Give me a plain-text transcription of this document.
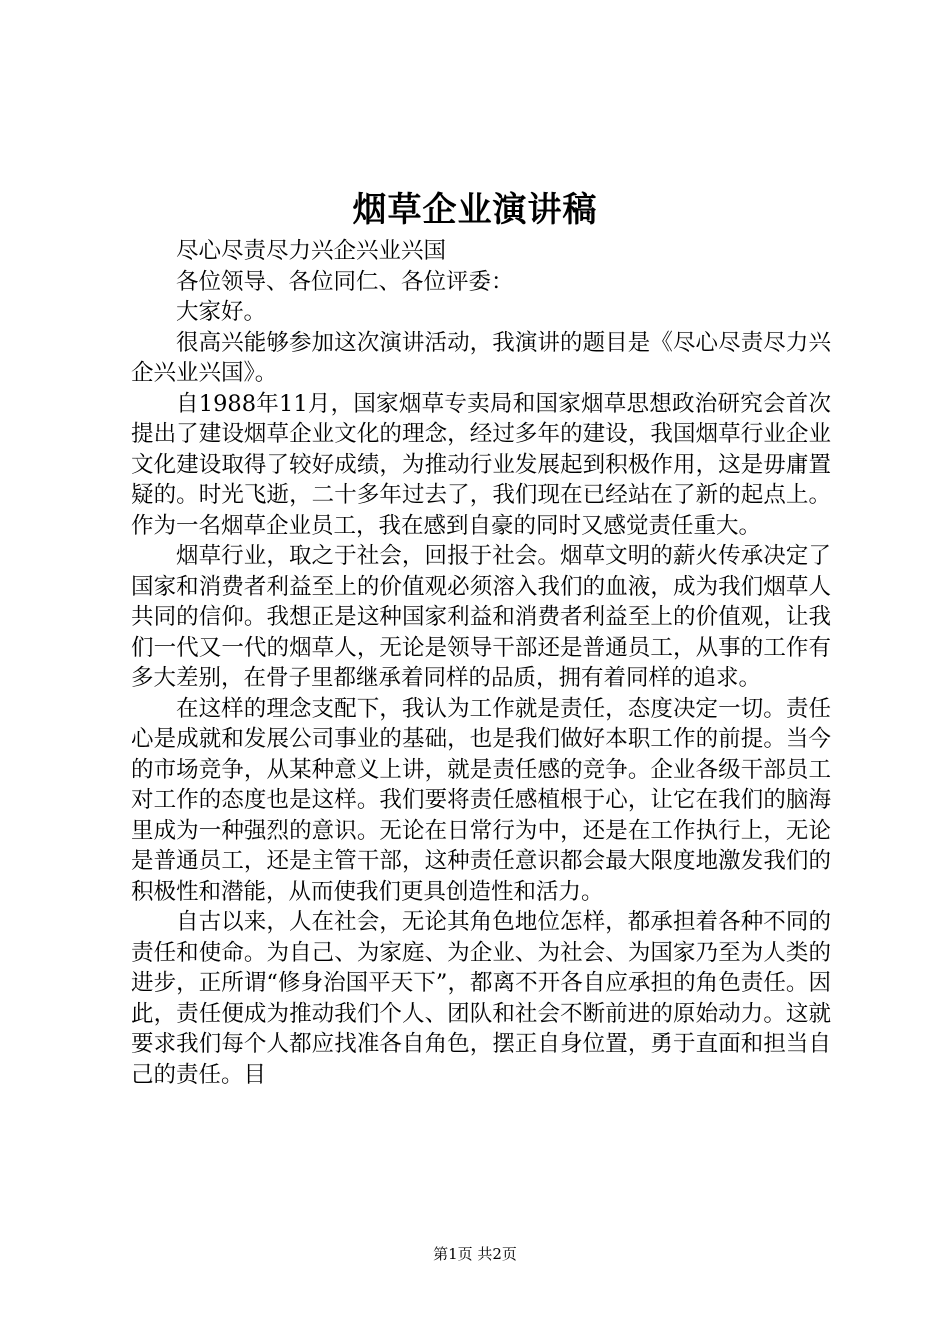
烟草企业演讲稿

尽心尽责尽力兴企兴业兴国

各位领导、各位同仁、各位评委：

大家好。

很高兴能够参加这次演讲活动，我演讲的题目是《尽心尽责尽力兴企兴业兴国》。

自1988年11月，国家烟草专卖局和国家烟草思想政治研究会首次提出了建设烟草企业文化的理念，经过多年的建设，我国烟草行业企业文化建设取得了较好成绩，为推动行业发展起到积极作用，这是毋庸置疑的。时光飞逝，二十多年过去了，我们现在已经站在了新的起点上。作为一名烟草企业员工，我在感到自豪的同时又感觉责任重大。

烟草行业，取之于社会，回报于社会。烟草文明的薪火传承决定了国家和消费者利益至上的价值观必须溶入我们的血液，成为我们烟草人共同的信仰。我想正是这种国家利益和消费者利益至上的价值观，让我们一代又一代的烟草人，无论是领导干部还是普通员工，从事的工作有多大差别，在骨子里都继承着同样的品质，拥有着同样的追求。

在这样的理念支配下，我认为工作就是责任，态度决定一切。责任心是成就和发展公司事业的基础，也是我们做好本职工作的前提。当今的市场竞争，从某种意义上讲，就是责任感的竞争。企业各级干部员工对工作的态度也是这样。我们要将责任感植根于心，让它在我们的脑海里成为一种强烈的意识。无论在日常行为中，还是在工作执行上，无论是普通员工，还是主管干部，这种责任意识都会最大限度地激发我们的积极性和潜能，从而使我们更具创造性和活力。

自古以来，人在社会，无论其角色地位怎样，都承担着各种不同的责任和使命。为自己、为家庭、为企业、为社会、为国家乃至为人类的进步，正所谓“修身治国平天下”，都离不开各自应承担的角色责任。因此，责任便成为推动我们个人、团队和社会不断前进的原始动力。这就要求我们每个人都应找准各自角色，摆正自身位置，勇于直面和担当自己的责任。目

第1页 共2页
